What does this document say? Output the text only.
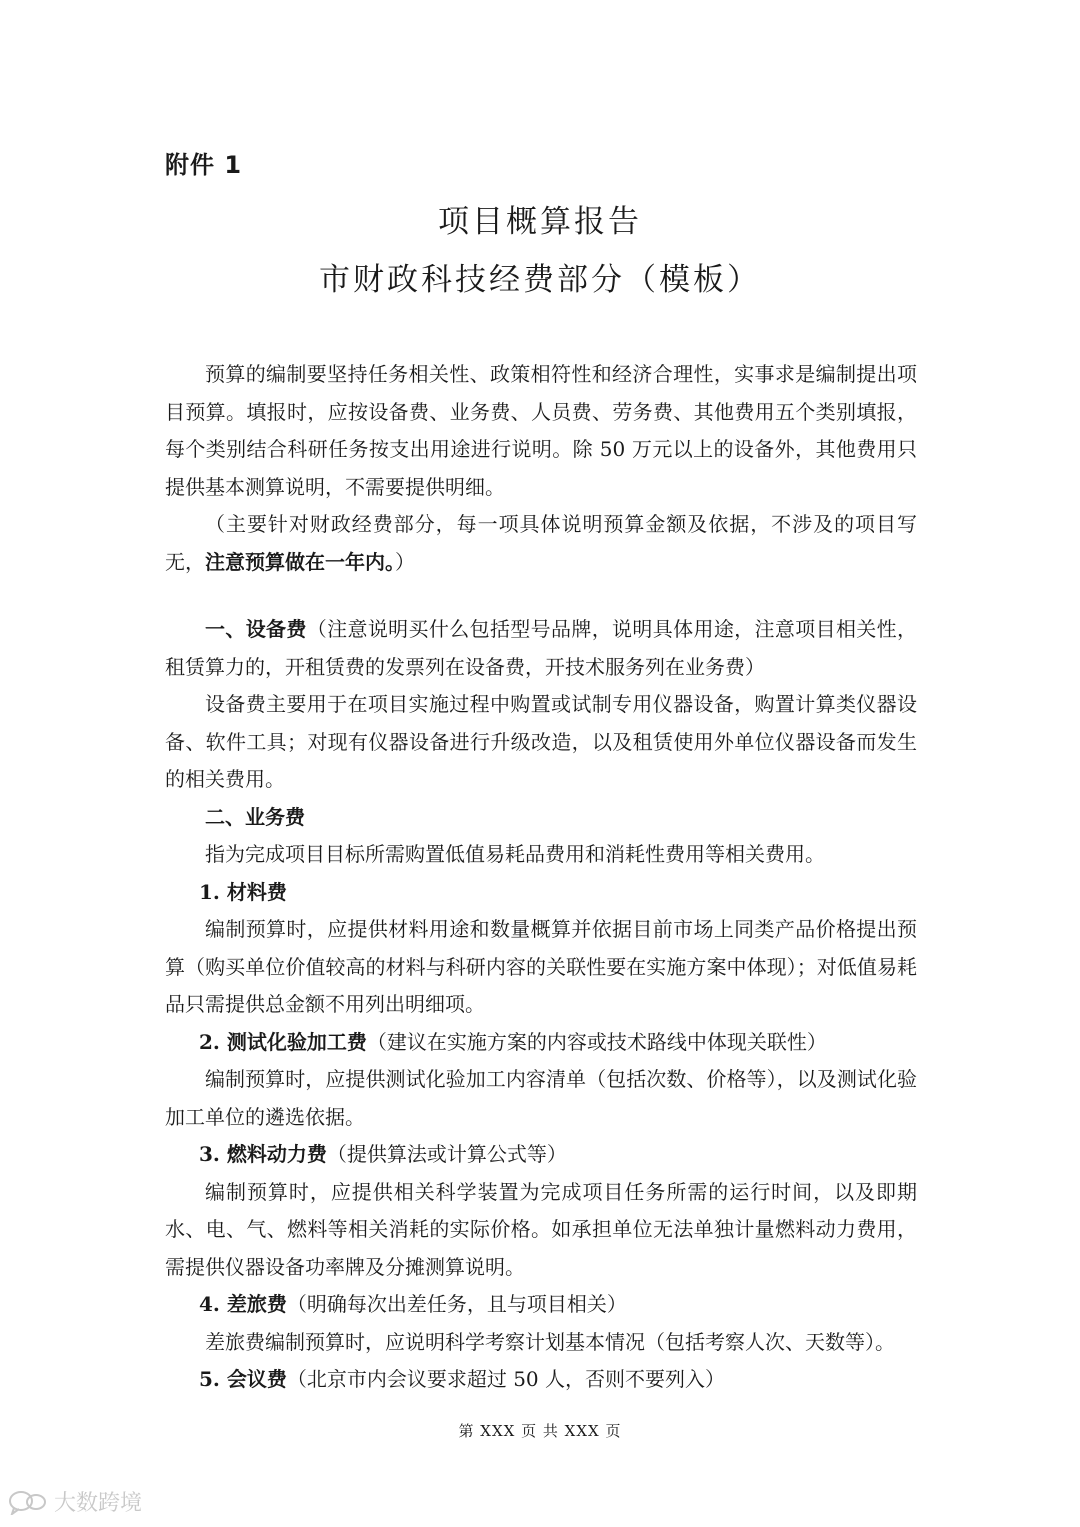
附件 1
项目概算报告
市财政科技经费部分（模板）

预算的编制要坚持任务相关性、政策相符性和经济合理性，实事求是编制提出项目预算。填报时，应按设备费、业务费、人员费、劳务费、其他费用五个类别填报，每个类别结合科研任务按支出用途进行说明。除 50 万元以上的设备外，其他费用只提供基本测算说明，不需要提供明细。

（主要针对财政经费部分，每一项具体说明预算金额及依据，不涉及的项目写无，注意预算做在一年内。）

一、设备费（注意说明买什么包括型号品牌，说明具体用途，注意项目相关性，租赁算力的，开租赁费的发票列在设备费，开技术服务列在业务费）

设备费主要用于在项目实施过程中购置或试制专用仪器设备，购置计算类仪器设备、软件工具；对现有仪器设备进行升级改造，以及租赁使用外单位仪器设备而发生的相关费用。

二、业务费

指为完成项目目标所需购置低值易耗品费用和消耗性费用等相关费用。

1. 材料费

编制预算时，应提供材料用途和数量概算并依据目前市场上同类产品价格提出预算（购买单位价值较高的材料与科研内容的关联性要在实施方案中体现）；对低值易耗品只需提供总金额不用列出明细项。

2. 测试化验加工费（建议在实施方案的内容或技术路线中体现关联性）

编制预算时，应提供测试化验加工内容清单（包括次数、价格等），以及测试化验加工单位的遴选依据。

3. 燃料动力费（提供算法或计算公式等）

编制预算时，应提供相关科学装置为完成项目任务所需的运行时间，以及即期水、电、气、燃料等相关消耗的实际价格。如承担单位无法单独计量燃料动力费用，需提供仪器设备功率牌及分摊测算说明。

4. 差旅费（明确每次出差任务，且与项目相关）

差旅费编制预算时，应说明科学考察计划基本情况（包括考察人次、天数等）。

5. 会议费（北京市内会议要求超过 50 人，否则不要列入）

第 XXX 页 共 XXX 页
大数跨境
